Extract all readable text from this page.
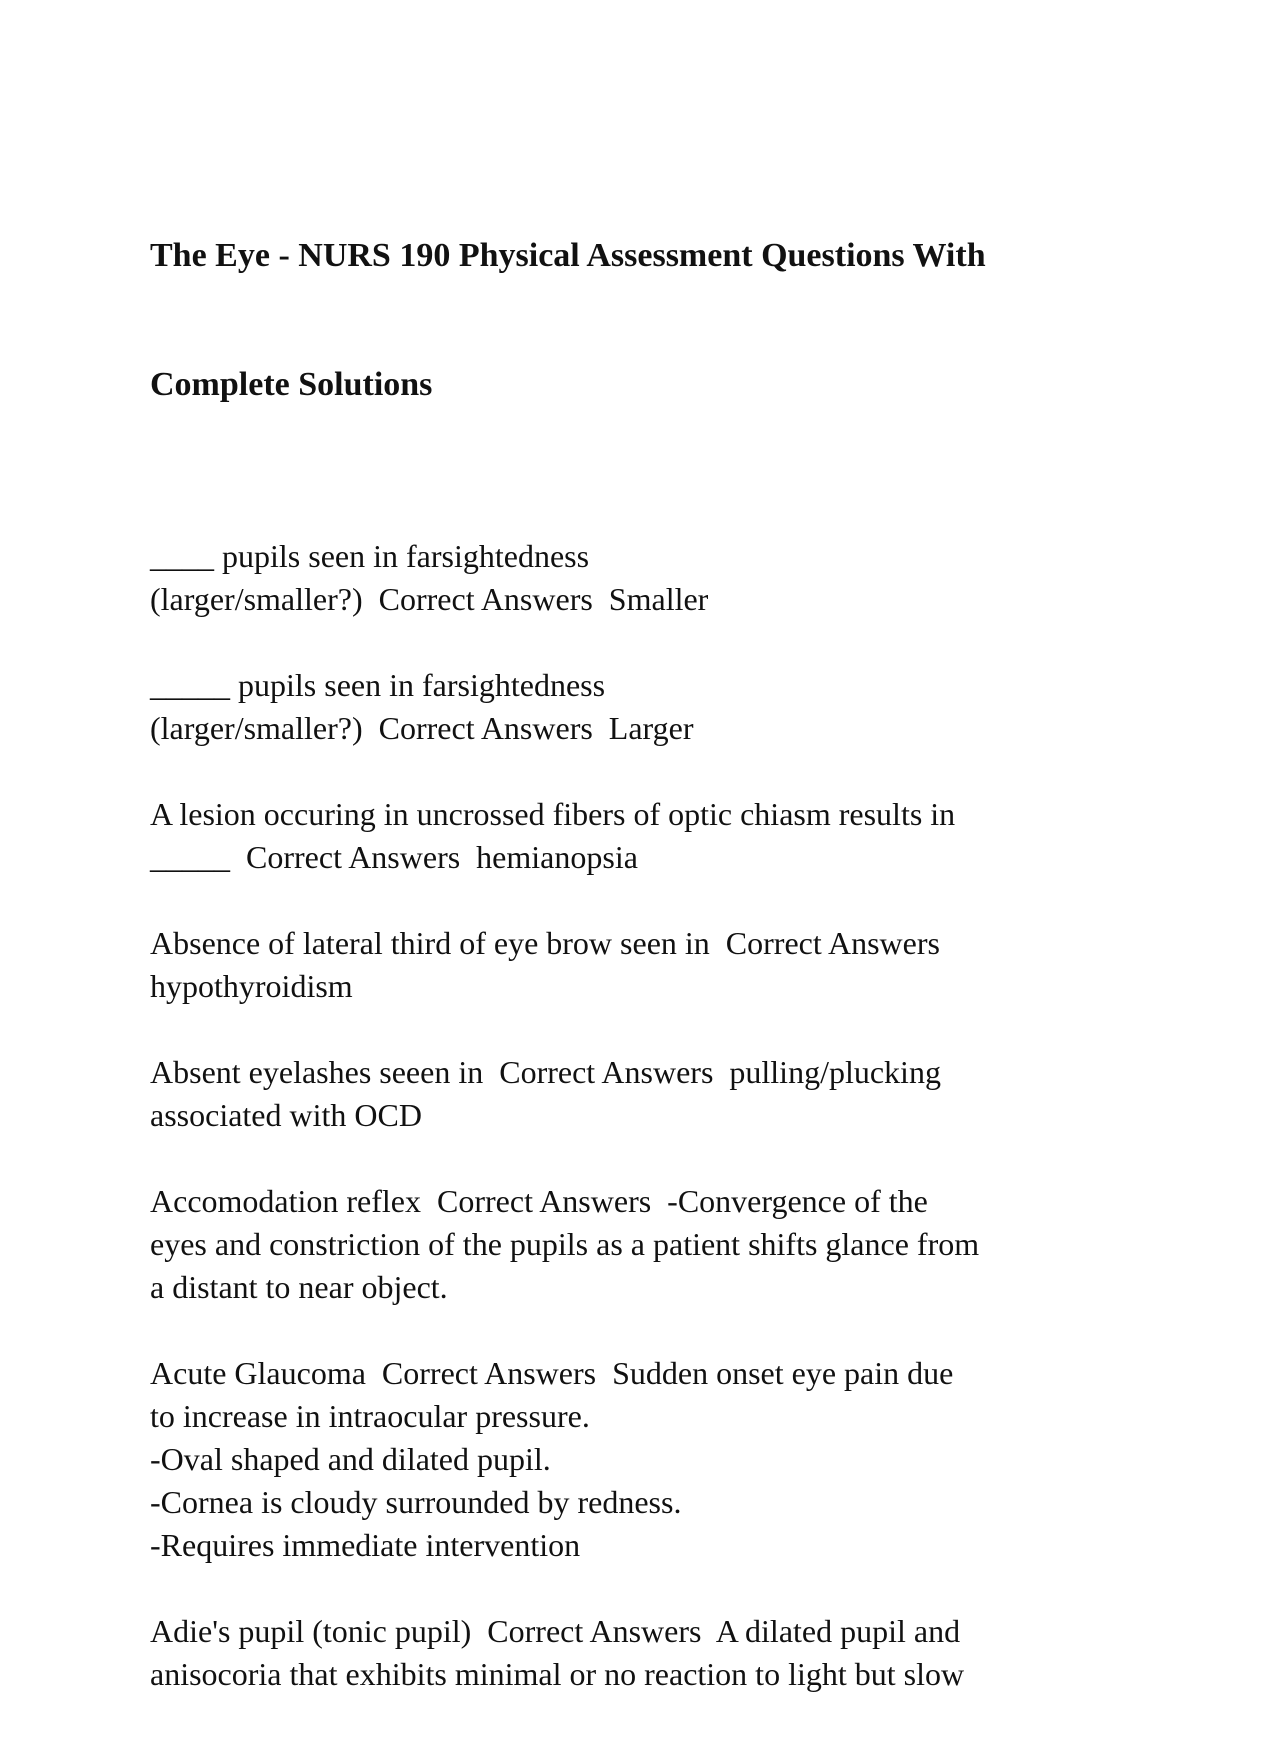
The Eye - NURS 190 Physical Assessment Questions With

Complete Solutions

____ pupils seen in farsightedness

(larger/smaller?)  Correct Answers  Smaller

_____ pupils seen in farsightedness

(larger/smaller?)  Correct Answers  Larger

A lesion occuring in uncrossed fibers of optic chiasm results in

_____  Correct Answers  hemianopsia

Absence of lateral third of eye brow seen in  Correct Answers

hypothyroidism

Absent eyelashes seeen in  Correct Answers  pulling/plucking

associated with OCD

Accomodation reflex  Correct Answers  -Convergence of the

eyes and constriction of the pupils as a patient shifts glance from

a distant to near object.

Acute Glaucoma  Correct Answers  Sudden onset eye pain due

to increase in intraocular pressure.

-Oval shaped and dilated pupil.

-Cornea is cloudy surrounded by redness.

-Requires immediate intervention

Adie's pupil (tonic pupil)  Correct Answers  A dilated pupil and

anisocoria that exhibits minimal or no reaction to light but slow
